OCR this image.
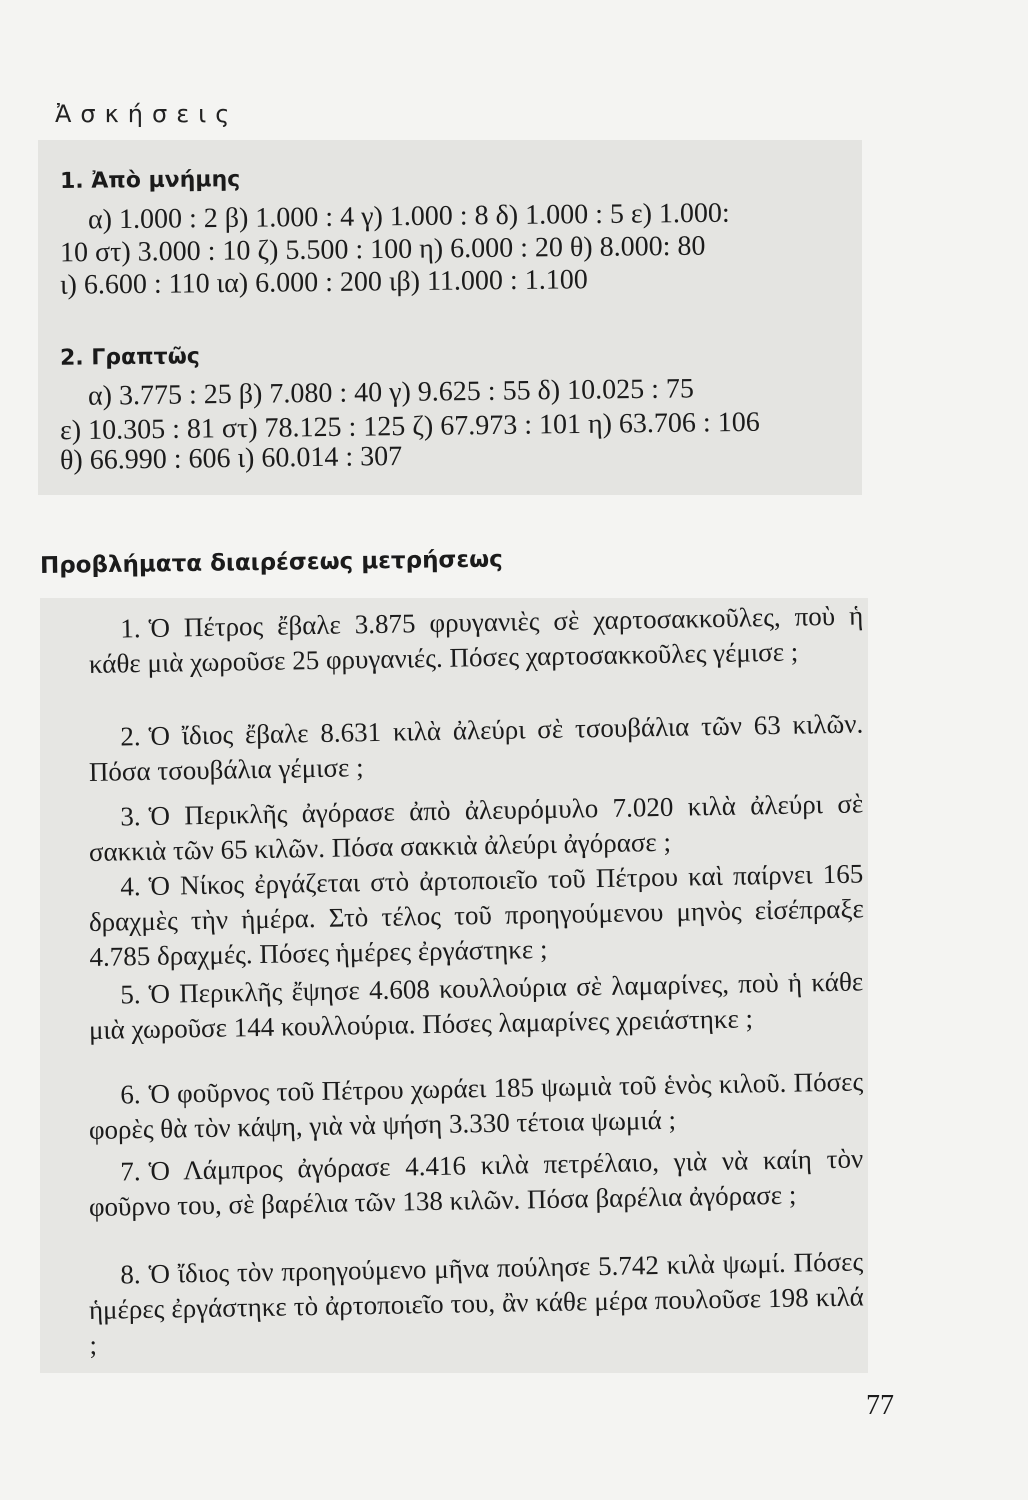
Ἀσκήσεις
1. Ἀπὸ μνήμης
α) 1.000 : 2 β) 1.000 : 4 γ) 1.000 : 8 δ) 1.000 : 5 ε) 1.000:
10 στ) 3.000 : 10 ζ) 5.500 : 100 η) 6.000 : 20 θ) 8.000: 80
ι) 6.600 : 110 ια) 6.000 : 200 ιβ) 11.000 : 1.100
2. Γραπτῶς
α) 3.775 : 25 β) 7.080 : 40 γ) 9.625 : 55 δ) 10.025 : 75
ε) 10.305 : 81 στ) 78.125 : 125 ζ) 67.973 : 101 η) 63.706 : 106
θ) 66.990 : 606 ι) 60.014 : 307
Προβλήματα διαιρέσεως μετρήσεως
1. Ὁ Πέτρος ἔβαλε 3.875 φρυγανιὲς σὲ χαρτοσακκοῦλες, ποὺ ἡ κάθε μιὰ χωροῦσε 25 φρυγανιές. Πόσες χαρτοσακκοῦλες γέμισε ;
2. Ὁ ἴδιος ἔβαλε 8.631 κιλὰ ἀλεύρι σὲ τσουβάλια τῶν 63 κιλῶν. Πόσα τσουβάλια γέμισε ;
3. Ὁ Περικλῆς ἀγόρασε ἀπὸ ἀλευρόμυλο 7.020 κιλὰ ἀλεύρι σὲ σακκιὰ τῶν 65 κιλῶν. Πόσα σακκιὰ ἀλεύρι ἀγόρασε ;
4. Ὁ Νίκος ἐργάζεται στὸ ἀρτοποιεῖο τοῦ Πέτρου καὶ παίρνει 165 δραχμὲς τὴν ἡμέρα. Στὸ τέλος τοῦ προηγούμενου μηνὸς εἰσέπραξε 4.785 δραχμές. Πόσες ἡμέρες ἐργάστηκε ;
5. Ὁ Περικλῆς ἔψησε 4.608 κουλλούρια σὲ λαμαρίνες, ποὺ ἡ κάθε μιὰ χωροῦσε 144 κουλλούρια. Πόσες λαμαρίνες χρειάστηκε ;
6. Ὁ φοῦρνος τοῦ Πέτρου χωράει 185 ψωμιὰ τοῦ ἑνὸς κιλοῦ. Πόσες φορὲς θὰ τὸν κάψη, γιὰ νὰ ψήση 3.330 τέτοια ψωμιά ;
7. Ὁ Λάμπρος ἀγόρασε 4.416 κιλὰ πετρέλαιο, γιὰ νὰ καίη τὸν φοῦρνο του, σὲ βαρέλια τῶν 138 κιλῶν. Πόσα βαρέλια ἀγόρασε ;
8. Ὁ ἴδιος τὸν προηγούμενο μῆνα πούλησε 5.742 κιλὰ ψωμί. Πόσες ἡμέρες ἐργάστηκε τὸ ἀρτοποιεῖο του, ἂν κάθε μέρα πουλοῦσε 198 κιλά ;
77
